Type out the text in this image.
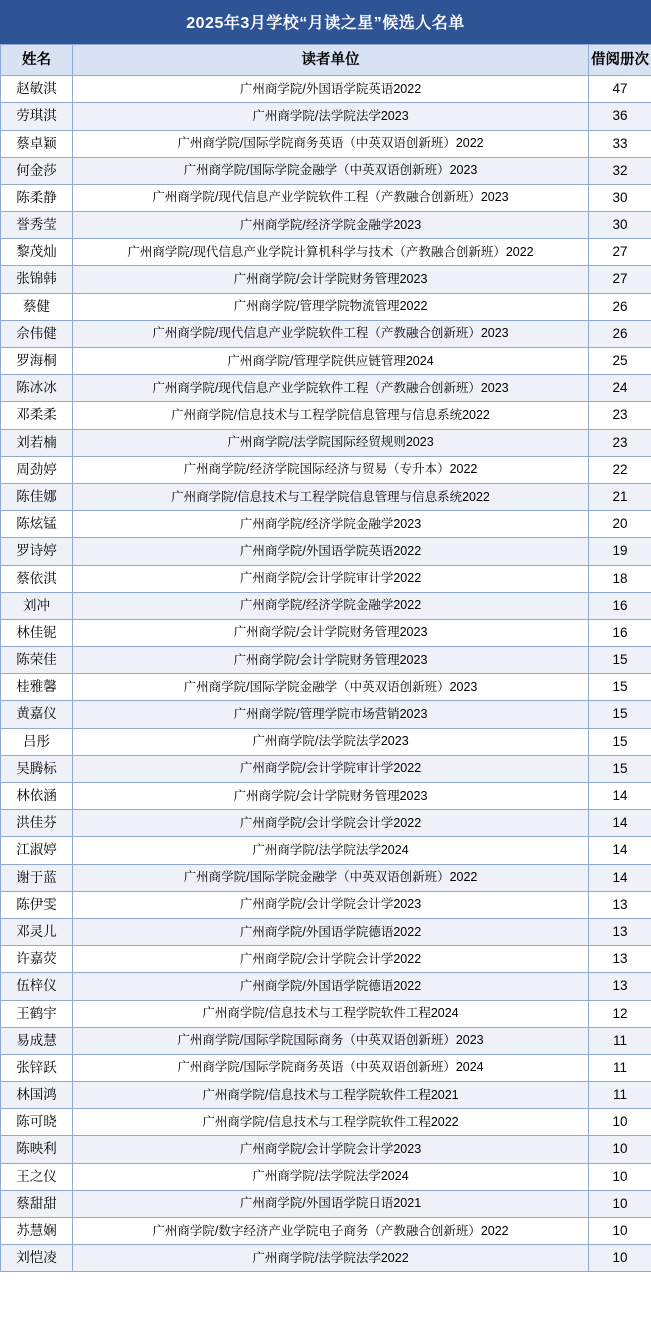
2025年3月学校“月读之星”候选人名单
姓名	读者单位	借阅册次
赵敏淇	广州商学院/外国语学院英语2022	47
劳琪淇	广州商学院/法学院法学2023	36
蔡卓颖	广州商学院/国际学院商务英语（中英双语创新班）2022	33
何金莎	广州商学院/国际学院金融学（中英双语创新班）2023	32
陈柔静	广州商学院/现代信息产业学院软件工程（产教融合创新班）2023	30
誉秀莹	广州商学院/经济学院金融学2023	30
黎茂灿	广州商学院/现代信息产业学院计算机科学与技术（产教融合创新班）2022	27
张锦韩	广州商学院/会计学院财务管理2023	27
蔡健	广州商学院/管理学院物流管理2022	26
佘伟健	广州商学院/现代信息产业学院软件工程（产教融合创新班）2023	26
罗海桐	广州商学院/管理学院供应链管理2024	25
陈冰冰	广州商学院/现代信息产业学院软件工程（产教融合创新班）2023	24
邓柔柔	广州商学院/信息技术与工程学院信息管理与信息系统2022	23
刘若楠	广州商学院/法学院国际经贸规则2023	23
周劲婷	广州商学院/经济学院国际经济与贸易（专升本）2022	22
陈佳娜	广州商学院/信息技术与工程学院信息管理与信息系统2022	21
陈炫锰	广州商学院/经济学院金融学2023	20
罗诗婷	广州商学院/外国语学院英语2022	19
蔡依淇	广州商学院/会计学院审计学2022	18
刘冲	广州商学院/经济学院金融学2022	16
林佳铌	广州商学院/会计学院财务管理2023	16
陈荣佳	广州商学院/会计学院财务管理2023	15
桂雅馨	广州商学院/国际学院金融学（中英双语创新班）2023	15
黄嘉仪	广州商学院/管理学院市场营销2023	15
吕彤	广州商学院/法学院法学2023	15
吴腾标	广州商学院/会计学院审计学2022	15
林依涵	广州商学院/会计学院财务管理2023	14
洪佳芬	广州商学院/会计学院会计学2022	14
江淑婷	广州商学院/法学院法学2024	14
谢于蓝	广州商学院/国际学院金融学（中英双语创新班）2022	14
陈伊雯	广州商学院/会计学院会计学2023	13
邓灵儿	广州商学院/外国语学院德语2022	13
许嘉荧	广州商学院/会计学院会计学2022	13
伍梓仪	广州商学院/外国语学院德语2022	13
王鹤宇	广州商学院/信息技术与工程学院软件工程2024	12
易成慧	广州商学院/国际学院国际商务（中英双语创新班）2023	11
张锌跃	广州商学院/国际学院商务英语（中英双语创新班）2024	11
林国鸿	广州商学院/信息技术与工程学院软件工程2021	11
陈可晓	广州商学院/信息技术与工程学院软件工程2022	10
陈映利	广州商学院/会计学院会计学2023	10
王之仪	广州商学院/法学院法学2024	10
蔡甜甜	广州商学院/外国语学院日语2021	10
苏慧娴	广州商学院/数字经济产业学院电子商务（产教融合创新班）2022	10
刘恺凌	广州商学院/法学院法学2022	10
